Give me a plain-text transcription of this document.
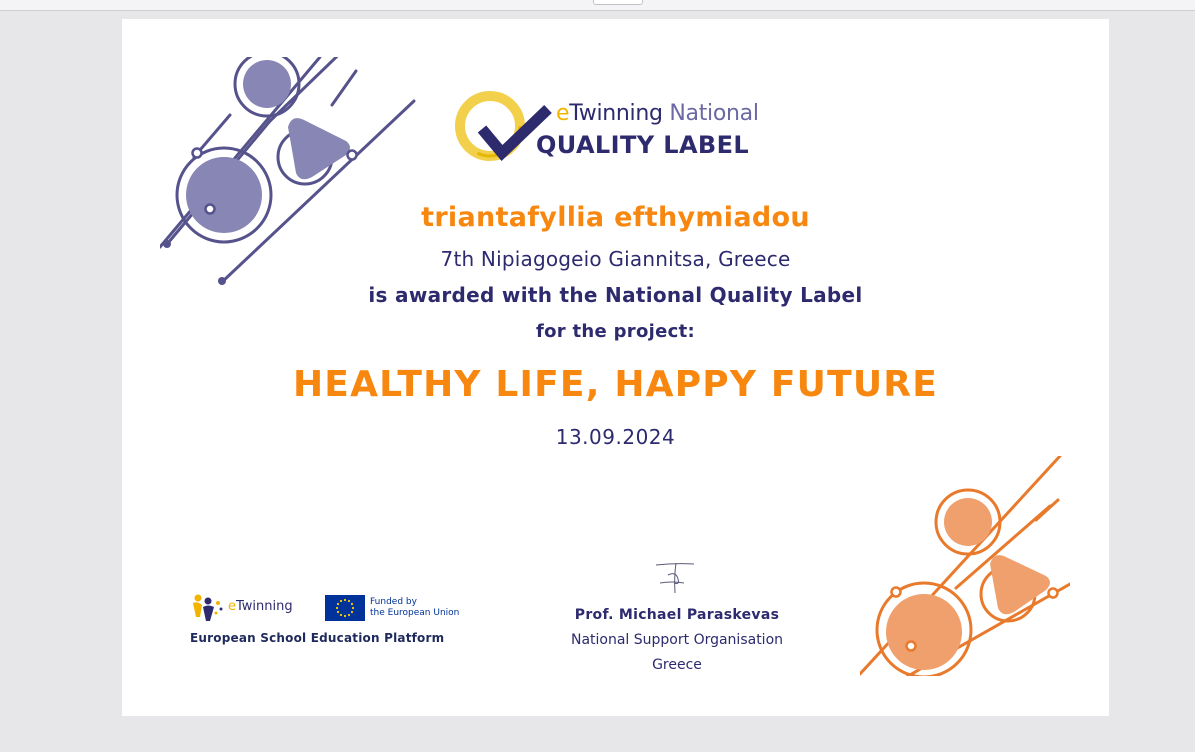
eTwinning National
QUALITY LABEL
triantafyllia efthymiadou
7th Nipiagogeio Giannitsa, Greece
is awarded with the National Quality Label
for the project:
HEALTHY LIFE, HAPPY FUTURE
13.09.2024
eTwinning	Funded by
the European Union
European School Education Platform
Prof. Michael Paraskevas
National Support Organisation
Greece
